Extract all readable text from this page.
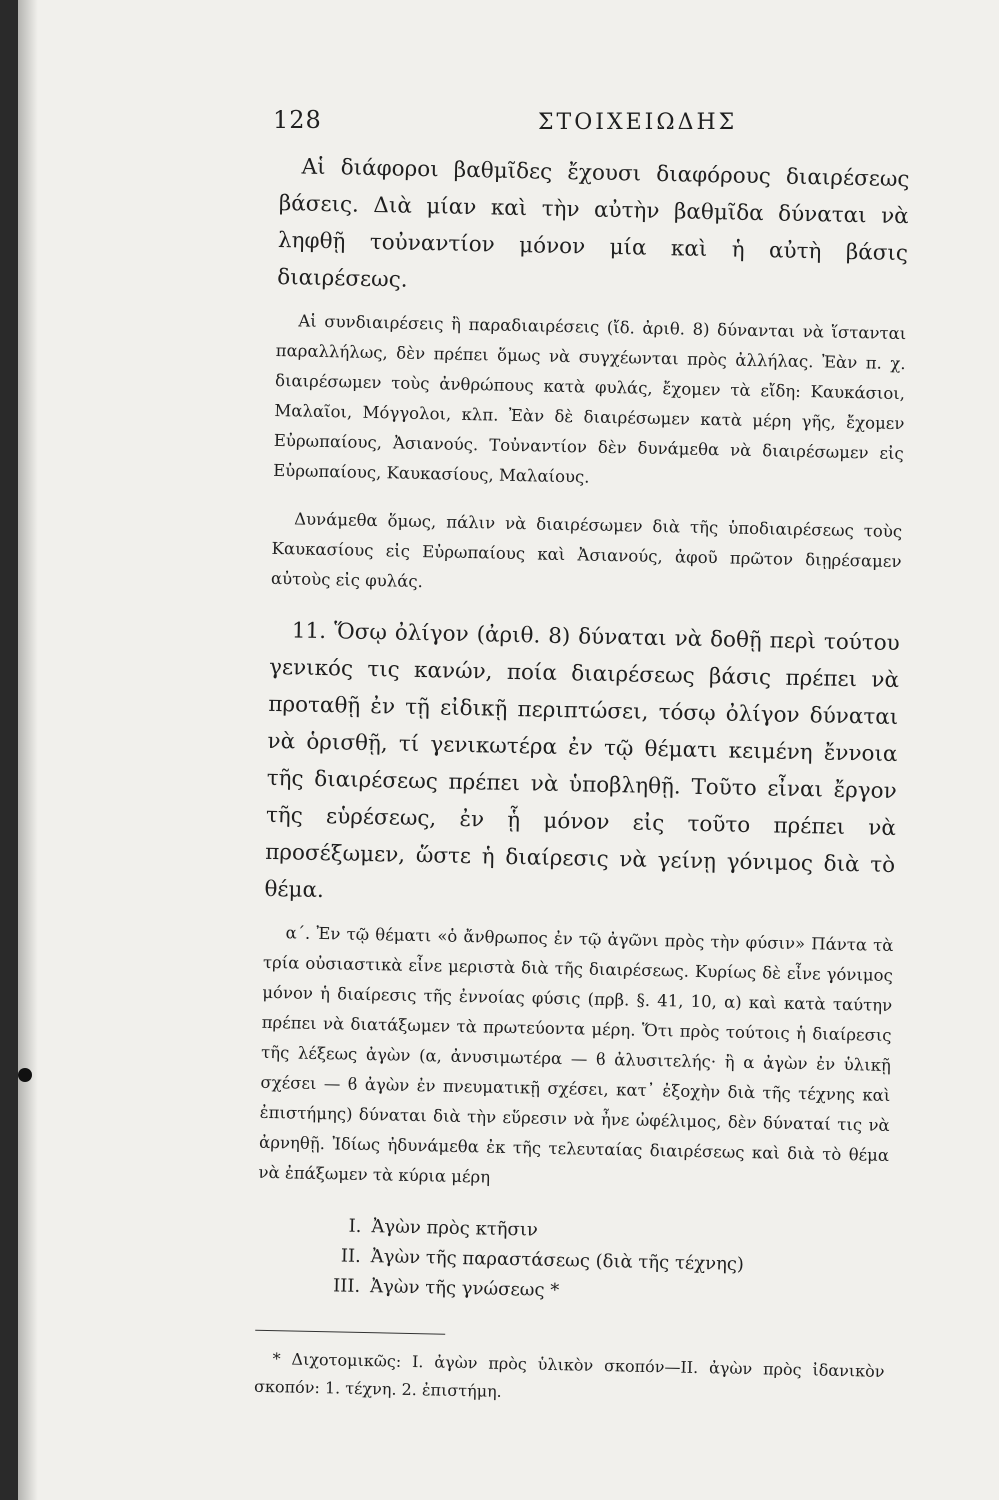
128	ΣΤΟΙΧΕΙΩΔΗΣ

Αἱ διάφοροι βαθμῖδες ἔχουσι διαφόρους διαιρέσεως βάσεις. Διὰ μίαν καὶ τὴν αὐτὴν βαθμῖδα δύναται νὰ ληφθῇ τοὐναντίον μόνον μία καὶ ἡ αὐτὴ βάσις διαιρέσεως.

Αἱ συνδιαιρέσεις ἢ παραδιαιρέσεις (ἴδ. ἀριθ. 8) δύνανται νὰ ἵστανται παραλλήλως, δὲν πρέπει ὅμως νὰ συγχέωνται πρὸς ἀλλήλας. Ἐὰν π. χ. διαιρέσωμεν τοὺς ἀνθρώπους κατὰ φυλάς, ἔχομεν τὰ εἴδη: Καυκάσιοι, Μαλαῖοι, Μόγγολοι, κλπ. Ἐὰν δὲ διαιρέσωμεν κατὰ μέρη γῆς, ἔχομεν Εὐρωπαίους, Ἀσιανούς. Τοὐναντίον δὲν δυνάμεθα νὰ διαιρέσωμεν εἰς Εὐρωπαίους, Καυκασίους, Μαλαίους.

Δυνάμεθα ὅμως, πάλιν νὰ διαιρέσωμεν διὰ τῆς ὑποδιαιρέσεως τοὺς Καυκασίους εἰς Εὐρωπαίους καὶ Ἀσιανούς, ἀφοῦ πρῶτον διῃρέσαμεν αὐτοὺς εἰς φυλάς.

11. Ὅσῳ ὀλίγον (ἀριθ. 8) δύναται νὰ δοθῇ περὶ τούτου γενικός τις κανών, ποία διαιρέσεως βάσις πρέπει νὰ προταθῇ ἐν τῇ εἰδικῇ περιπτώσει, τόσῳ ὀλίγον δύναται νὰ ὁρισθῇ, τί γενικωτέρα ἐν τῷ θέματι κειμένη ἔννοια τῆς διαιρέσεως πρέπει νὰ ὑποβληθῇ. Τοῦτο εἶναι ἔργον τῆς εὑρέσεως, ἐν ᾗ μόνον εἰς τοῦτο πρέπει νὰ προσέξωμεν, ὥστε ἡ διαίρεσις νὰ γείνῃ γόνιμος διὰ τὸ θέμα.

α΄. Ἐν τῷ θέματι «ὁ ἄνθρωπος ἐν τῷ ἀγῶνι πρὸς τὴν φύσιν» Πάντα τὰ τρία οὐσιαστικὰ εἶνε μεριστὰ διὰ τῆς διαιρέσεως. Κυρίως δὲ εἶνε γόνιμος μόνον ἡ διαίρεσις τῆς ἐννοίας φύσις (πρβ. §. 41, 10, α) καὶ κατὰ ταύτην πρέπει νὰ διατάξωμεν τὰ πρωτεύοντα μέρη. Ὅτι πρὸς τούτοις ἡ διαίρεσις τῆς λέξεως ἀγὼν (α, ἀνυσιμωτέρα — ϐ ἀλυσιτελής· ἢ α ἀγὼν ἐν ὑλικῇ σχέσει — ϐ ἀγὼν ἐν πνευματικῇ σχέσει, κατ᾿ ἐξοχὴν διὰ τῆς τέχνης καὶ ἐπιστήμης) δύναται διὰ τὴν εὕρεσιν νὰ ἦνε ὠφέλιμος, δὲν δύναταί τις νὰ ἀρνηθῇ. Ἰδίως ἠδυνάμεθα ἐκ τῆς τελευταίας διαιρέσεως καὶ διὰ τὸ θέμα νὰ ἐπάξωμεν τὰ κύρια μέρη

I. Ἀγὼν πρὸς κτῆσιν
II. Ἀγὼν τῆς παραστάσεως (διὰ τῆς τέχνης)
III. Ἀγὼν τῆς γνώσεως *

* Διχοτομικῶς: I. ἀγὼν πρὸς ὑλικὸν σκοπόν—II. ἀγὼν πρὸς ἰδανικὸν σκοπόν: 1. τέχνη. 2. ἐπιστήμη.
